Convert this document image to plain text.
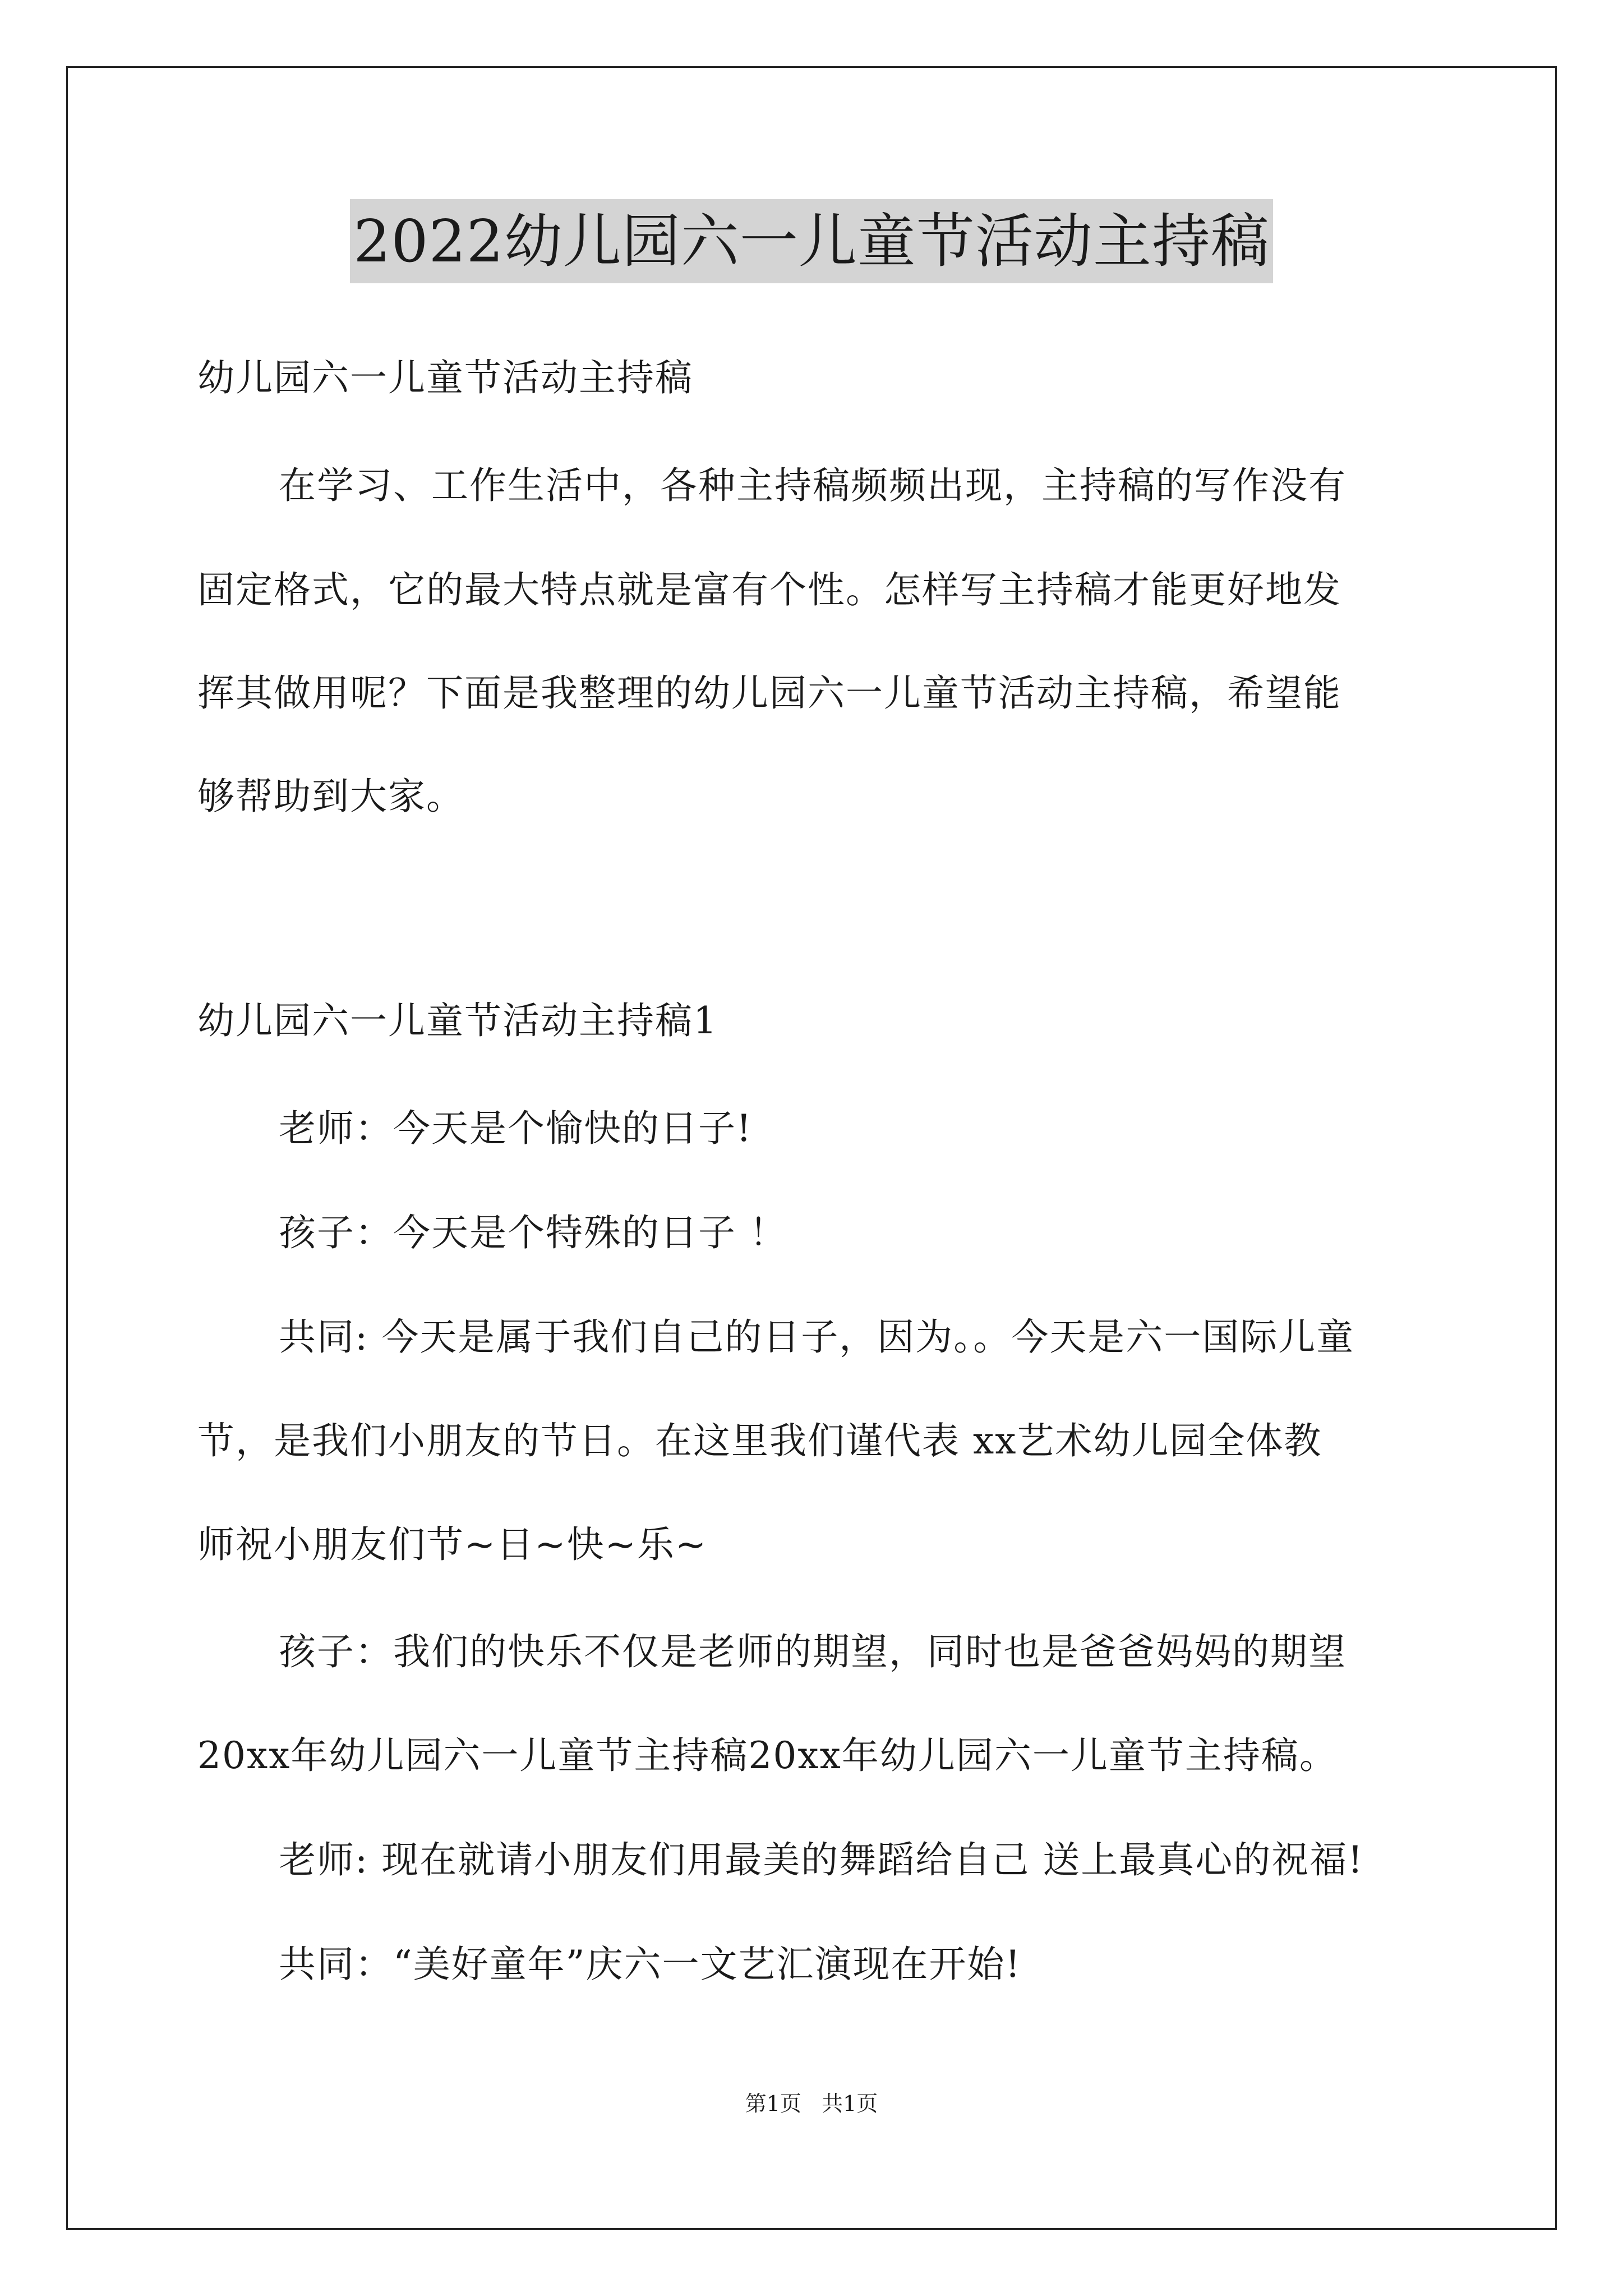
2022幼儿园六一儿童节活动主持稿
幼儿园六一儿童节活动主持稿
在学习、工作生活中，各种主持稿频频出现，主持稿的写作没有
固定格式，它的最大特点就是富有个性。怎样写主持稿才能更好地发
挥其做用呢？下面是我整理的幼儿园六一儿童节活动主持稿，希望能
够帮助到大家。
幼儿园六一儿童节活动主持稿1
老师：今天是个愉快的日子!
孩子：今天是个特殊的日子 ！
共同: 今天是属于我们自己的日子，因为。。今天是六一国际儿童
节，是我们小朋友的节日。在这里我们谨代表 xx艺术幼儿园全体教
师祝小朋友们节~日~快~乐~
孩子：我们的快乐不仅是老师的期望，同时也是爸爸妈妈的期望
20xx年幼儿园六一儿童节主持稿20xx年幼儿园六一儿童节主持稿。
老师: 现在就请小朋友们用最美的舞蹈给自己 送上最真心的祝福!
共同：“美好童年”庆六一文艺汇演现在开始!
第1页   共1页
